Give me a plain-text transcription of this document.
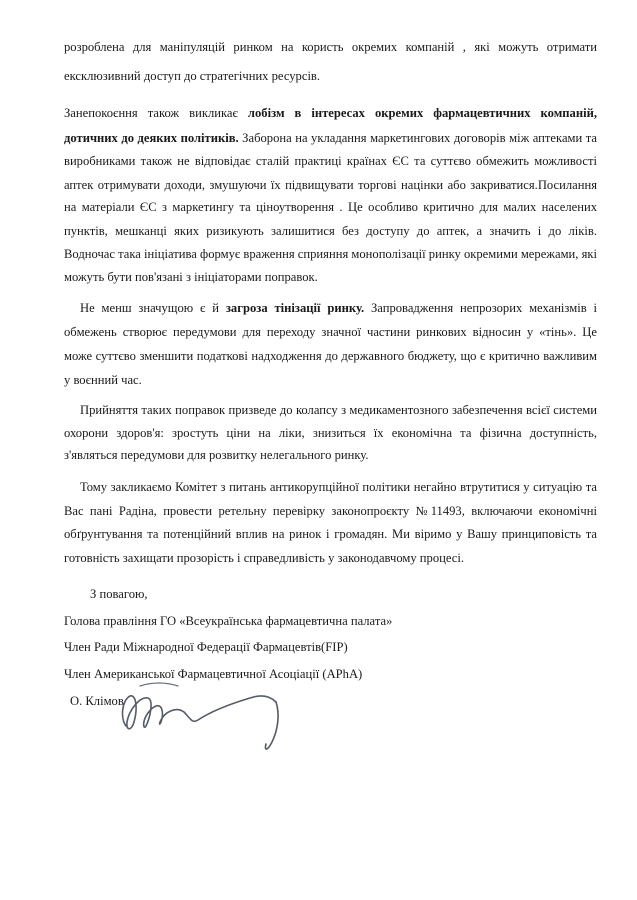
розроблена для маніпуляцій ринком на користь окремих компаній , які можуть отримати
ексклюзивний доступ до стратегічних ресурсів.
Занепокоєння також викликає лобізм в інтересах окремих фармацевтичних компаній,
дотичних до деяких політиків. Заборона на укладання маркетингових договорів між аптеками та
виробниками також не відповідає сталій практиці країнах ЄС та суттєво обмежить можливості
аптек отримувати доходи, змушуючи їх підвищувати торгові націнки або закриватися.Посилання
на матеріали ЄС з маркетингу та ціноутворення . Це особливо критично для малих населених
пунктів, мешканці яких ризикують залишитися без доступу до аптек, а значить і до ліків.
Водночас така ініціатива формує враження сприяння монополізації ринку окремими мережами, які
можуть бути пов'язані з ініціаторами поправок.
Не менш значущою є й загроза тінізації ринку. Запровадження непрозорих механізмів і
обмежень створює передумови для переходу значної частини ринкових відносин у «тінь». Це
може суттєво зменшити податкові надходження до державного бюджету, що є критично важливим
у воєнний час.
Прийняття таких поправок призведе до колапсу з медикаментозного забезпечення всієї системи
охорони здоров'я: зростуть ціни на ліки, знизиться їх економічна та фізична доступність,
з'являться передумови для розвитку нелегального ринку.
Тому закликаємо Комітет з питань антикорупційної політики негайно втрутитися у ситуацію та
Вас пані Радіна, провести ретельну перевірку законопроєкту №11493, включаючи економічні
обґрунтування та потенційний вплив на ринок і громадян. Ми віримо у Вашу принциповість та
готовність захищати прозорість і справедливість у законодавчому процесі.
З повагою,
Голова правління ГО «Всеукраїнська фармацевтична палата»
Член Ради Міжнародної Федерації Фармацевтів(FIP)
Член Американської Фармацевтичної Асоціації (APhA)
О. Клімов
